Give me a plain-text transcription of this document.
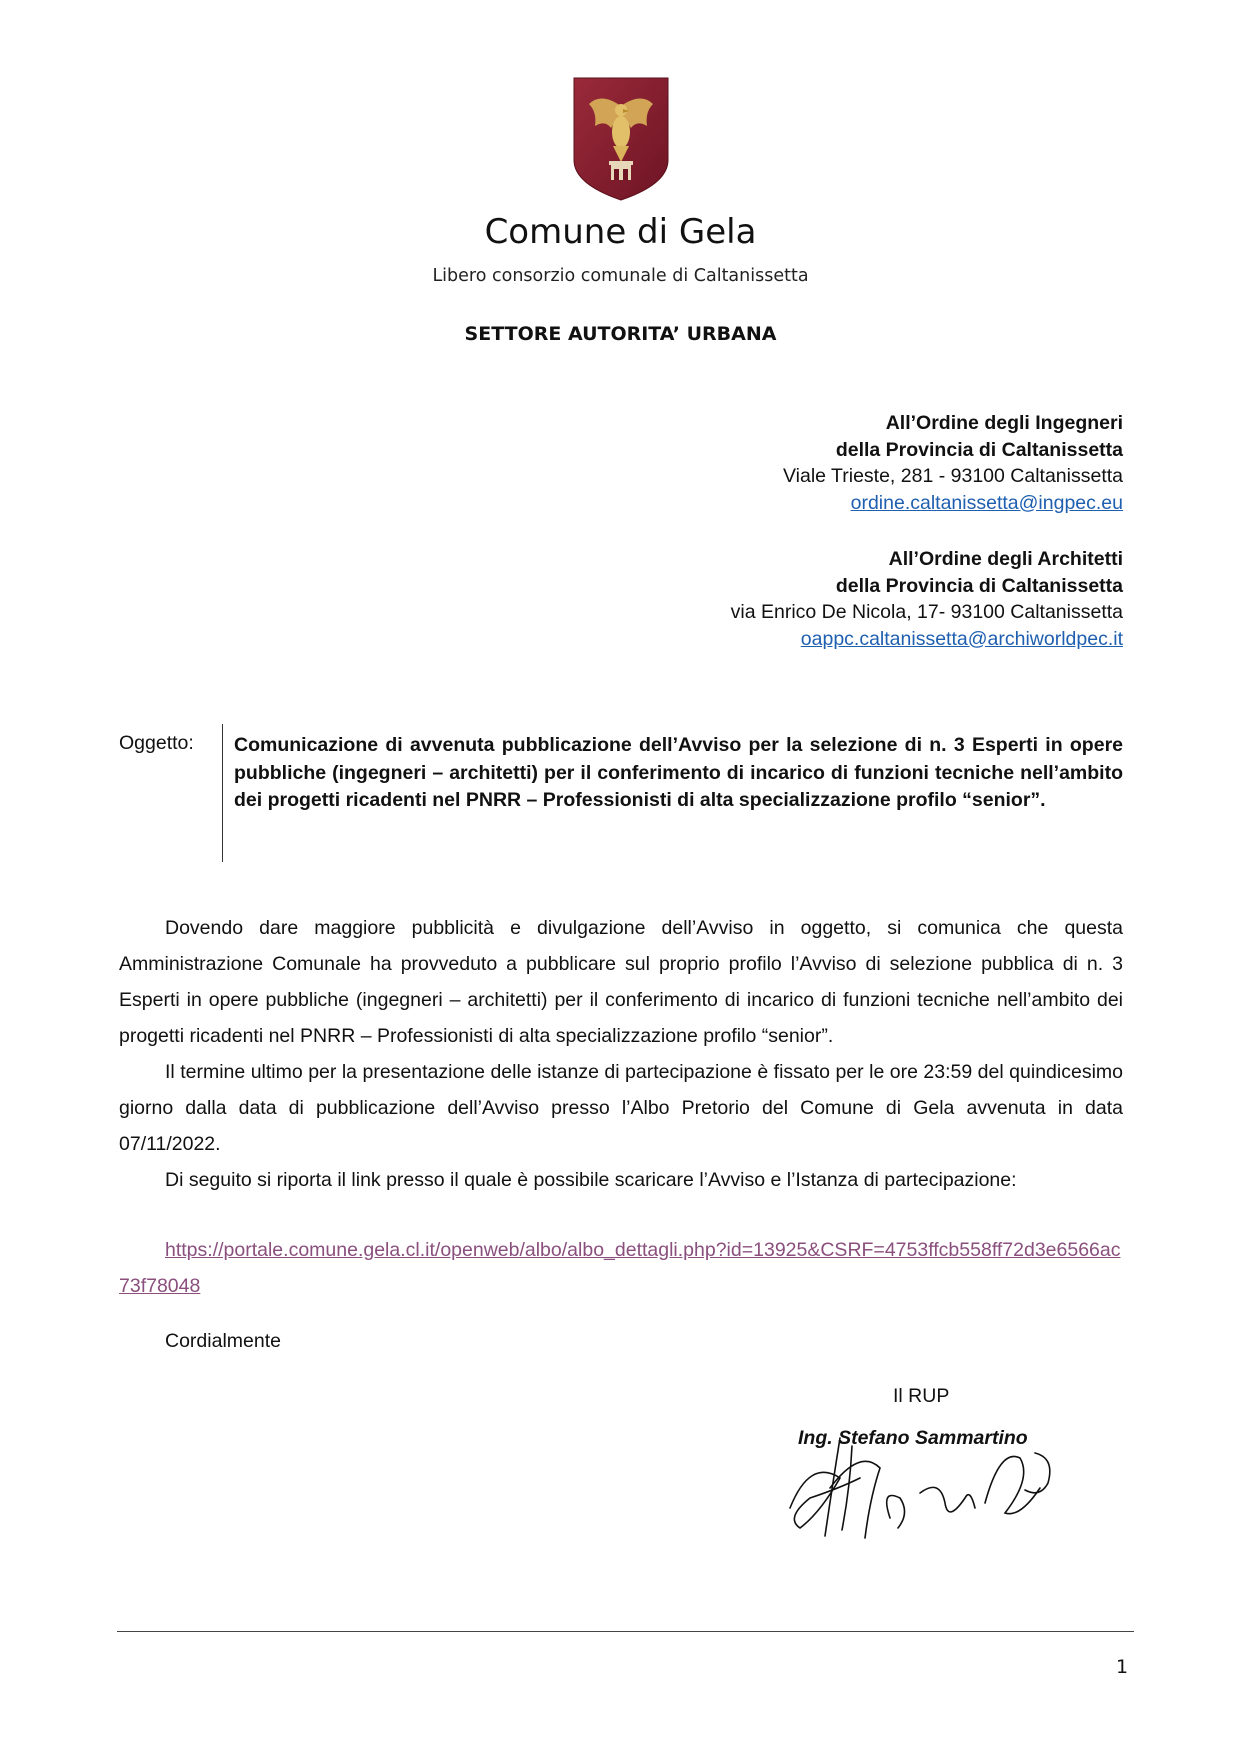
Comune di Gela
Libero consorzio comunale di Caltanissetta
SETTORE AUTORITA’ URBANA
All’Ordine degli Ingegneri
della Provincia di Caltanissetta
Viale Trieste, 281 - 93100 Caltanissetta
ordine.caltanissetta@ingpec.eu
All’Ordine degli Architetti
della Provincia di Caltanissetta
via Enrico De Nicola, 17- 93100 Caltanissetta
oappc.caltanissetta@archiworldpec.it
Oggetto: Comunicazione di avvenuta pubblicazione dell’Avviso per la selezione di n. 3 Esperti in opere pubbliche (ingegneri – architetti) per il conferimento di incarico di funzioni tecniche nell’ambito dei progetti ricadenti nel PNRR – Professionisti di alta specializzazione profilo “senior”.
Dovendo dare maggiore pubblicità e divulgazione dell’Avviso in oggetto, si comunica che questa Amministrazione Comunale ha provveduto a pubblicare sul proprio profilo l’Avviso di selezione pubblica di n. 3 Esperti in opere pubbliche (ingegneri – architetti) per il conferimento di incarico di funzioni tecniche nell’ambito dei progetti ricadenti nel PNRR – Professionisti di alta specializzazione profilo “senior”.
Il termine ultimo per la presentazione delle istanze di partecipazione è fissato per le ore 23:59 del quindicesimo giorno dalla data di pubblicazione dell’Avviso presso l’Albo Pretorio del Comune di Gela avvenuta in data 07/11/2022.
Di seguito si riporta il link presso il quale è possibile scaricare l’Avviso e l’Istanza di partecipazione:
https://portale.comune.gela.cl.it/openweb/albo/albo_dettagli.php?id=13925&CSRF=4753ffcb558ff72d3e6566ac73f78048
Cordialmente
Il RUP
Ing. Stefano Sammartino
1
